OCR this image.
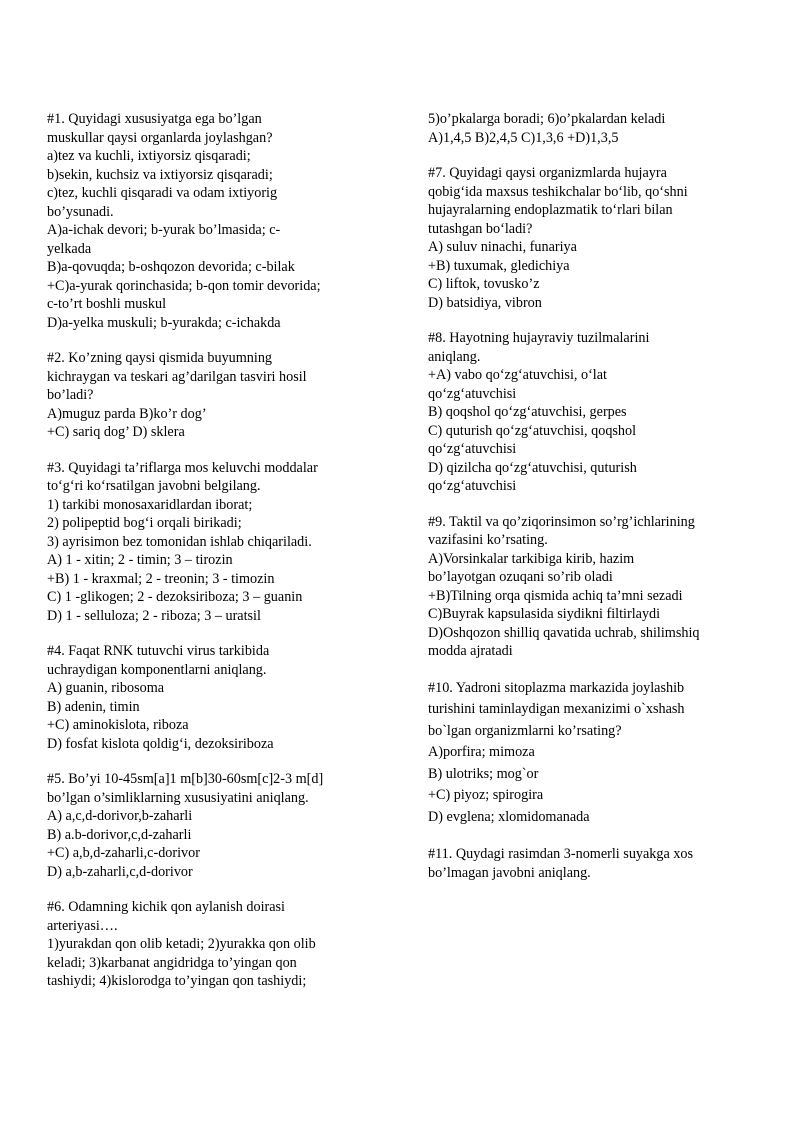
#1. Quyidagi xususiyatga ega bo’lgan
muskullar qaysi organlarda joylashgan?
a)tez va kuchli, ixtiyorsiz qisqaradi;
b)sekin, kuchsiz va ixtiyorsiz qisqaradi;
c)tez, kuchli qisqaradi va odam ixtiyorig
bo’ysunadi.
A)a-ichak devori; b-yurak bo’lmasida; c-
yelkada
B)a-qovuqda; b-oshqozon devorida; c-bilak
+C)a-yurak qorinchasida; b-qon tomir devorida;
c-to’rt boshli muskul
D)a-yelka muskuli; b-yurakda; c-ichakda
#2. Ko’zning qaysi qismida buyumning
kichraygan va teskari ag’darilgan tasviri hosil
bo’ladi?
A)muguz parda B)ko’r dog’
+C) sariq dog’ D) sklera
#3. Quyidagi ta’riflarga mos keluvchi moddalar
to‘g‘ri ko‘rsatilgan javobni belgilang.
1) tarkibi monosaxaridlardan iborat;
2) polipeptid bog‘i orqali birikadi;
3) ayrisimon bez tomonidan ishlab chiqariladi.
A) 1 - xitin; 2 - timin; 3 – tirozin
+B) 1 - kraxmal; 2 - treonin; 3 - timozin
C) 1 -glikogen; 2 - dezoksiriboza; 3 – guanin
D) 1 - selluloza; 2 - riboza; 3 – uratsil
#4. Faqat RNK tutuvchi virus tarkibida
uchraydigan komponentlarni aniqlang.
A) guanin, ribosoma
B) adenin, timin
+C) aminokislota, riboza
D) fosfat kislota qoldig‘i, dezoksiriboza
#5. Bo’yi 10-45sm[a]1 m[b]30-60sm[c]2-3 m[d]
bo’lgan o’simliklarning xususiyatini aniqlang.
A) a,c,d-dorivor,b-zaharli
B) a.b-dorivor,c,d-zaharli
+C) a,b,d-zaharli,c-dorivor
D) a,b-zaharli,c,d-dorivor
#6. Odamning kichik qon aylanish doirasi
arteriyasi….
1)yurakdan qon olib ketadi; 2)yurakka qon olib
keladi; 3)karbanat angidridga to’yingan qon
tashiydi; 4)kislorodga to’yingan qon tashiydi;
5)o’pkalarga boradi; 6)o’pkalardan keladi
A)1,4,5 B)2,4,5 C)1,3,6 +D)1,3,5
#7. Quyidagi qaysi organizmlarda hujayra
qobig‘ida maxsus teshikchalar bo‘lib, qo‘shni
hujayralarning endoplazmatik to‘rlari bilan
tutashgan bo‘ladi?
A) suluv ninachi, funariya
+B) tuxumak, gledichiya
C) liftok, tovusko’z
D) batsidiya, vibron
#8. Hayotning hujayraviy tuzilmalarini
aniqlang.
+A) vabo qo‘zg‘atuvchisi, o‘lat
qo‘zg‘atuvchisi
B) qoqshol qo‘zg‘atuvchisi, gerpes
C) quturish qo‘zg‘atuvchisi, qoqshol
qo‘zg‘atuvchisi
D) qizilcha qo‘zg‘atuvchisi, quturish
qo‘zg‘atuvchisi
#9. Taktil va qo’ziqorinsimon so’rg’ichlarining
vazifasini ko’rsating.
A)Vorsinkalar tarkibiga kirib, hazim
bo’layotgan ozuqani so’rib oladi
+B)Tilning orqa qismida achiq ta’mni sezadi
C)Buyrak kapsulasida siydikni filtirlaydi
D)Oshqozon shilliq qavatida uchrab, shilimshiq
modda ajratadi
#10. Yadroni sitoplazma markazida joylashib
turishini taminlaydigan mexanizimi o`xshash
bo`lgan organizmlarni ko’rsating?
A)porfira; mimoza
B) ulotriks; mog`or
+C) piyoz; spirogira
D) evglena; xlomidomanada
#11. Quydagi rasimdan 3-nomerli suyakga xos
bo’lmagan javobni aniqlang.
